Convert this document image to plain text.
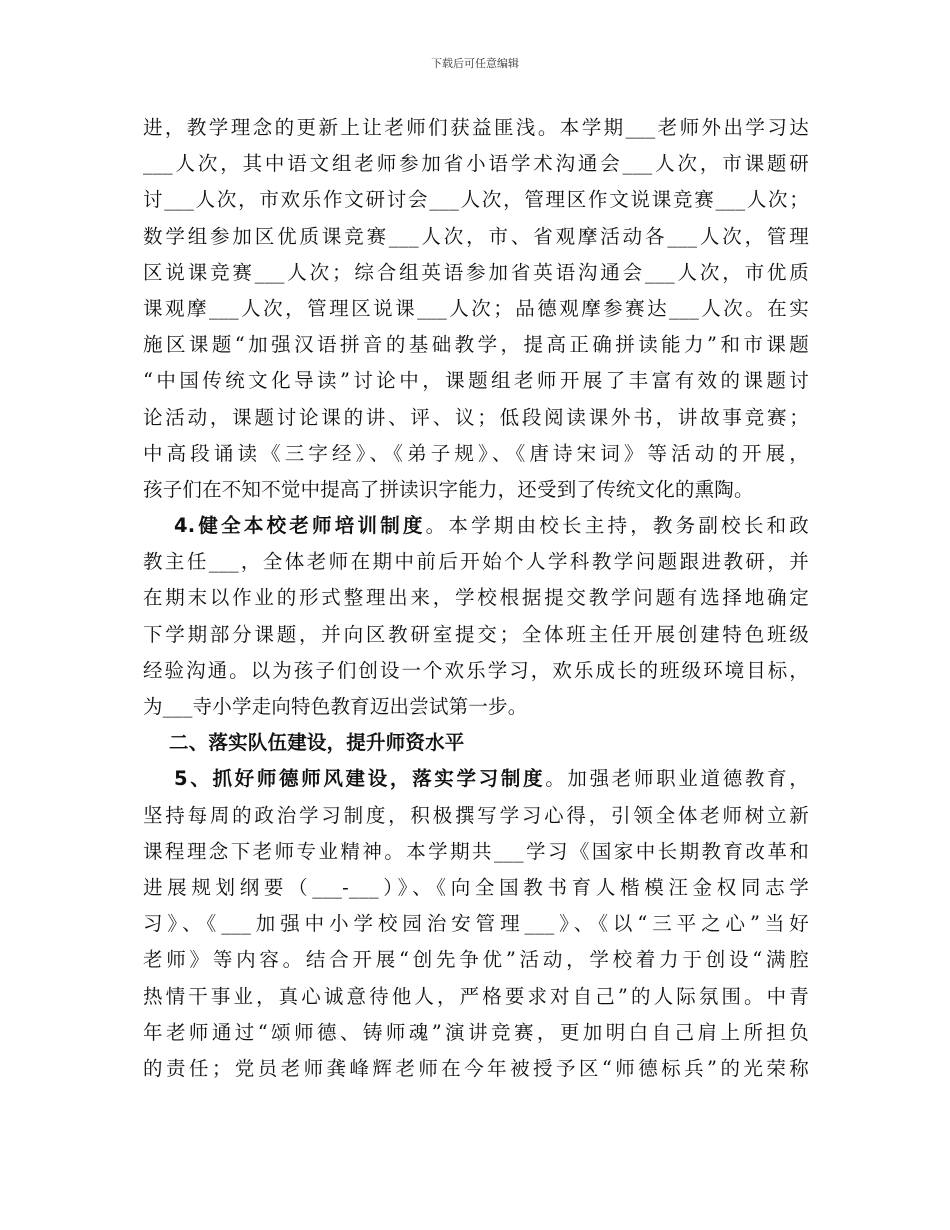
下载后可任意编辑
进，教学理念的更新上让老师们获益匪浅。本学期___老师外出学习达
___人次，其中语文组老师参加省小语学术沟通会___人次，市课题研
讨___人次，市欢乐作文研讨会___人次，管理区作文说课竞赛___人次；
数学组参加区优质课竞赛___人次，市、省观摩活动各___人次，管理
区说课竞赛___人次；综合组英语参加省英语沟通会___人次，市优质
课观摩___人次，管理区说课___人次；品德观摩参赛达___人次。在实
施区课题“加强汉语拼音的基础教学，提高正确拼读能力”和市课题
“中国传统文化导读”讨论中，课题组老师开展了丰富有效的课题讨
论活动，课题讨论课的讲、评、议；低段阅读课外书，讲故事竞赛；
中高段诵读《三字经》、《弟子规》、《唐诗宋词》等活动的开展，
孩子们在不知不觉中提高了拼读识字能力，还受到了传统文化的熏陶。
4.健全本校老师培训制度。本学期由校长主持，教务副校长和政
教主任___，全体老师在期中前后开始个人学科教学问题跟进教研，并
在期末以作业的形式整理出来，学校根据提交教学问题有选择地确定
下学期部分课题，并向区教研室提交；全体班主任开展创建特色班级
经验沟通。以为孩子们创设一个欢乐学习，欢乐成长的班级环境目标，
为___寺小学走向特色教育迈出尝试第一步。
二、落实队伍建设，提升师资水平
5、抓好师德师风建设，落实学习制度。加强老师职业道德教育，
坚持每周的政治学习制度，积极撰写学习心得，引领全体老师树立新
课程理念下老师专业精神。本学期共___学习《国家中长期教育改革和
进展规划纲要（___-___）》、《向全国教书育人楷模汪金权同志学
习》、《___加强中小学校园治安管理___》、《以“三平之心”当好
老师》等内容。结合开展“创先争优”活动，学校着力于创设“满腔
热情干事业，真心诚意待他人，严格要求对自己”的人际氛围。中青
年老师通过“颂师德、铸师魂”演讲竞赛，更加明白自己肩上所担负
的责任；党员老师龚峰辉老师在今年被授予区“师德标兵”的光荣称
